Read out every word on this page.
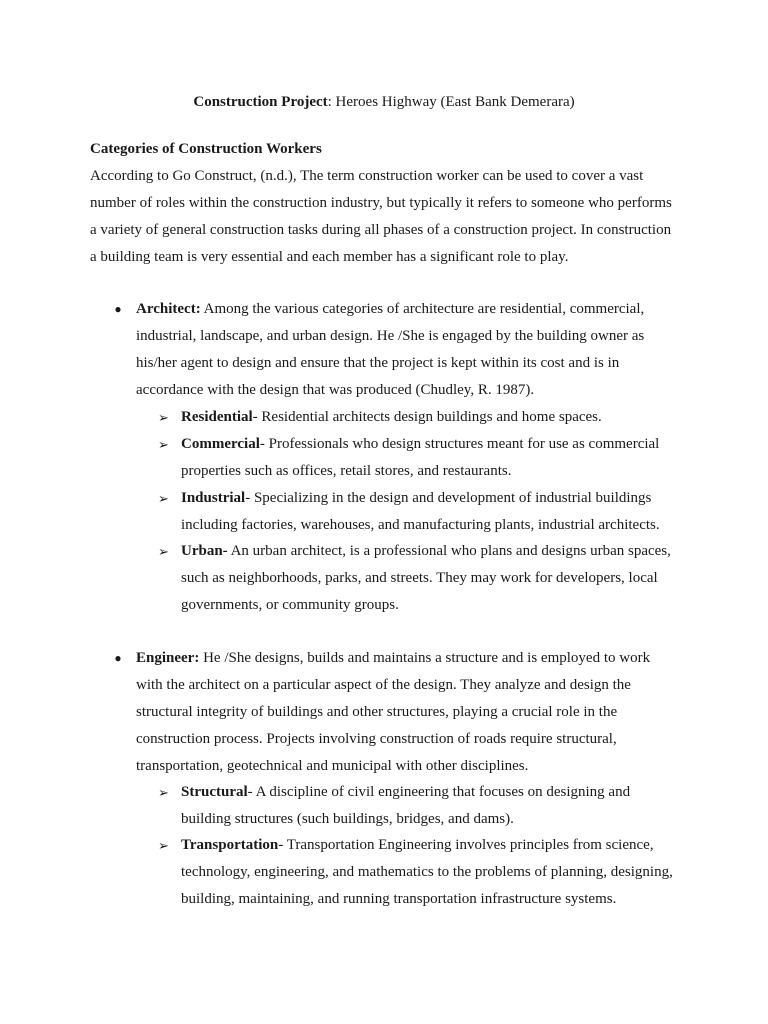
Construction Project: Heroes Highway (East Bank Demerara)
Categories of Construction Workers
According to Go Construct, (n.d.), The term construction worker can be used to cover a vast
number of roles within the construction industry, but typically it refers to someone who performs
a variety of general construction tasks during all phases of a construction project. In construction
a building team is very essential and each member has a significant role to play.
● Architect: Among the various categories of architecture are residential, commercial,
industrial, landscape, and urban design. He /She is engaged by the building owner as
his/her agent to design and ensure that the project is kept within its cost and is in
accordance with the design that was produced (Chudley, R. 1987).
➢ Residential- Residential architects design buildings and home spaces.
➢ Commercial- Professionals who design structures meant for use as commercial
properties such as offices, retail stores, and restaurants.
➢ Industrial- Specializing in the design and development of industrial buildings
including factories, warehouses, and manufacturing plants, industrial architects.
➢ Urban- An urban architect, is a professional who plans and designs urban spaces,
such as neighborhoods, parks, and streets. They may work for developers, local
governments, or community groups.
● Engineer: He /She designs, builds and maintains a structure and is employed to work
with the architect on a particular aspect of the design. They analyze and design the
structural integrity of buildings and other structures, playing a crucial role in the
construction process. Projects involving construction of roads require structural,
transportation, geotechnical and municipal with other disciplines.
➢ Structural- A discipline of civil engineering that focuses on designing and
building structures (such buildings, bridges, and dams).
➢ Transportation- Transportation Engineering involves principles from science,
technology, engineering, and mathematics to the problems of planning, designing,
building, maintaining, and running transportation infrastructure systems.
